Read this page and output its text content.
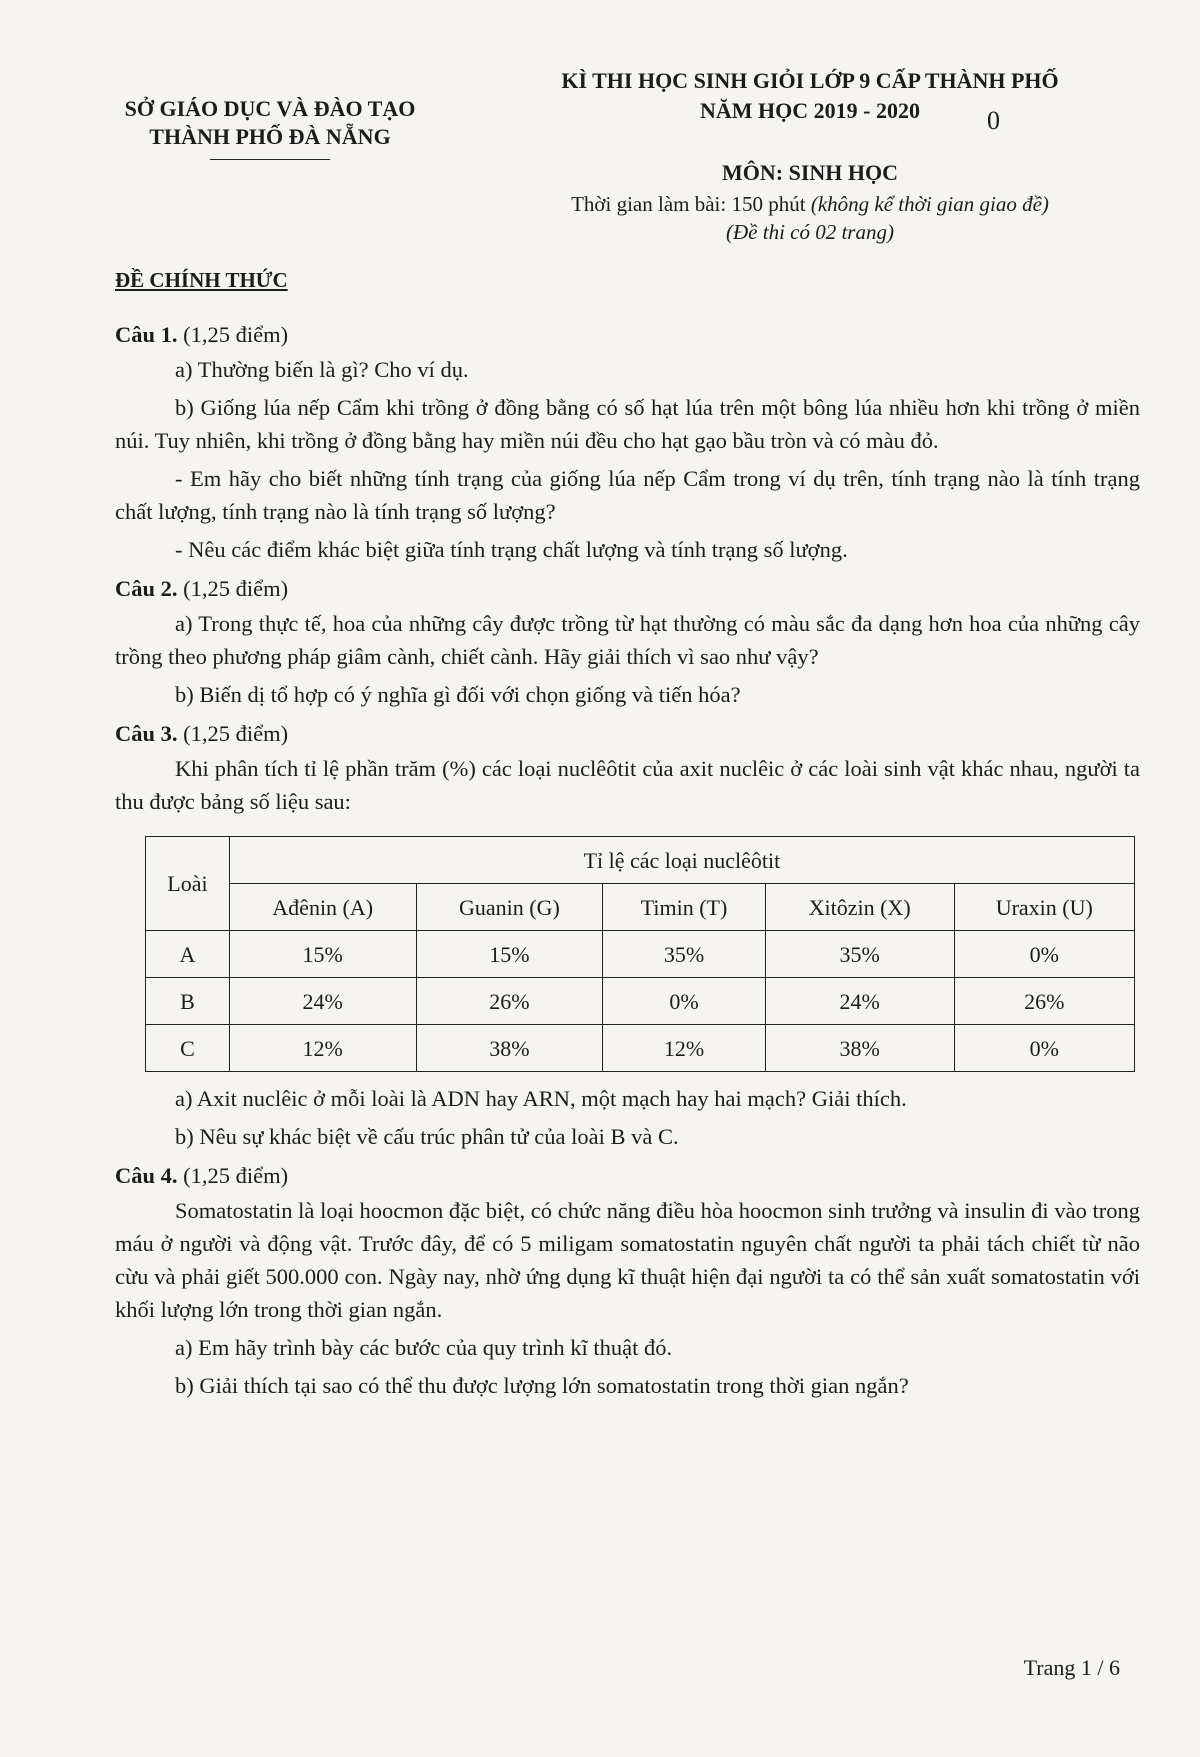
SỞ GIÁO DỤC VÀ ĐÀO TẠO
THÀNH PHỐ ĐÀ NẴNG
KÌ THI HỌC SINH GIỎI LỚP 9 CẤP THÀNH PHỐ
NĂM HỌC 2019 - 2020	0
MÔN: SINH HỌC
Thời gian làm bài: 150 phút (không kể thời gian giao đề)
(Đề thi có 02 trang)
ĐỀ CHÍNH THỨC
Câu 1. (1,25 điểm)

a) Thường biến là gì? Cho ví dụ.

b) Giống lúa nếp Cẩm khi trồng ở đồng bằng có số hạt lúa trên một bông lúa nhiều hơn khi trồng ở miền núi. Tuy nhiên, khi trồng ở đồng bằng hay miền núi đều cho hạt gạo bầu tròn và có màu đỏ.

- Em hãy cho biết những tính trạng của giống lúa nếp Cẩm trong ví dụ trên, tính trạng nào là tính trạng chất lượng, tính trạng nào là tính trạng số lượng?

- Nêu các điểm khác biệt giữa tính trạng chất lượng và tính trạng số lượng.

Câu 2. (1,25 điểm)

a) Trong thực tế, hoa của những cây được trồng từ hạt thường có màu sắc đa dạng hơn hoa của những cây trồng theo phương pháp giâm cành, chiết cành. Hãy giải thích vì sao như vậy?

b) Biến dị tổ hợp có ý nghĩa gì đối với chọn giống và tiến hóa?

Câu 3. (1,25 điểm)

Khi phân tích tỉ lệ phần trăm (%) các loại nuclêôtit của axit nuclêic ở các loài sinh vật khác nhau, người ta thu được bảng số liệu sau:

Loài	Tỉ lệ các loại nuclêôtit				
	Ađênin (A)	Guanin (G)	Timin (T)	Xitôzin (X)	Uraxin (U)
A	15%	15%	35%	35%	0%
B	24%	26%	0%	24%	26%
C	12%	38%	12%	38%	0%

a) Axit nuclêic ở mỗi loài là ADN hay ARN, một mạch hay hai mạch? Giải thích.

b) Nêu sự khác biệt về cấu trúc phân tử của loài B và C.

Câu 4. (1,25 điểm)

Somatostatin là loại hoocmon đặc biệt, có chức năng điều hòa hoocmon sinh trưởng và insulin đi vào trong máu ở người và động vật. Trước đây, để có 5 miligam somatostatin nguyên chất người ta phải tách chiết từ não cừu và phải giết 500.000 con. Ngày nay, nhờ ứng dụng kĩ thuật hiện đại người ta có thể sản xuất somatostatin với khối lượng lớn trong thời gian ngắn.

a) Em hãy trình bày các bước của quy trình kĩ thuật đó.

b) Giải thích tại sao có thể thu được lượng lớn somatostatin trong thời gian ngắn?

Trang 1 / 6
